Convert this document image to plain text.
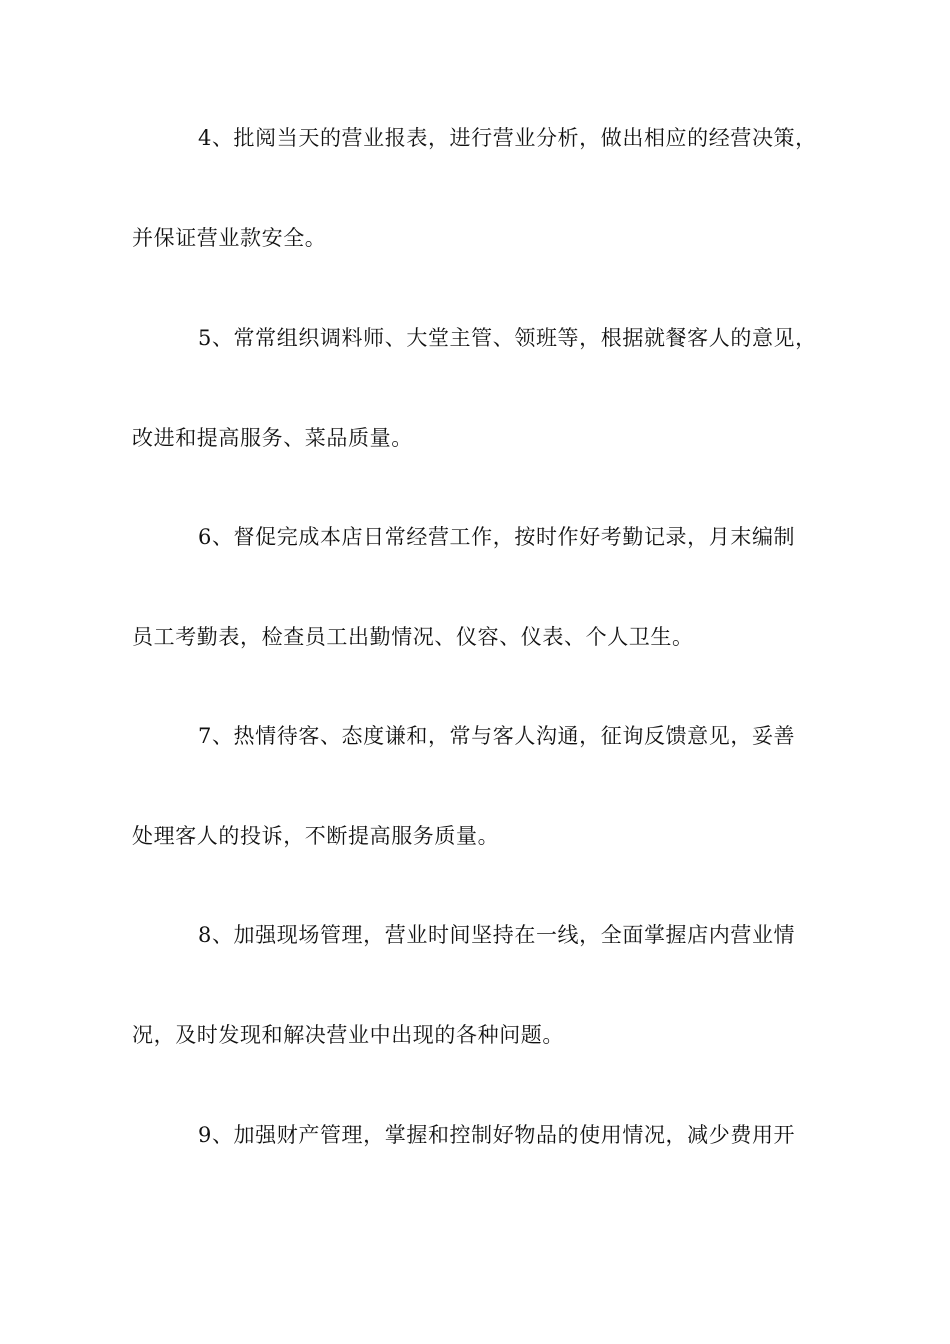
4、批阅当天的营业报表，进行营业分析，做出相应的经营决策，
并保证营业款安全。
5、常常组织调料师、大堂主管、领班等，根据就餐客人的意见，
改进和提高服务、菜品质量。
6、督促完成本店日常经营工作，按时作好考勤记录，月末编制
员工考勤表，检查员工出勤情况、仪容、仪表、个人卫生。
7、热情待客、态度谦和，常与客人沟通，征询反馈意见，妥善
处理客人的投诉，不断提高服务质量。
8、加强现场管理，营业时间坚持在一线，全面掌握店内营业情
况，及时发现和解决营业中出现的各种问题。
9、加强财产管理，掌握和控制好物品的使用情况，减少费用开
